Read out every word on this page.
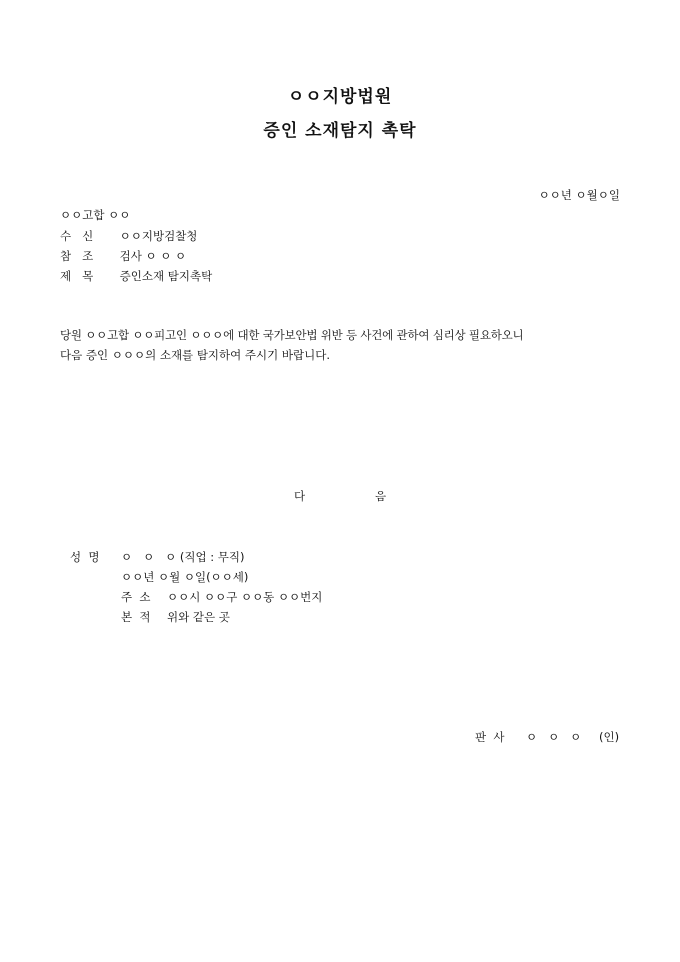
ㅇㅇ지방법원
증인 소재탐지 촉탁
ㅇㅇ년 ㅇ월ㅇ일
ㅇㅇ고합 ㅇㅇ
수   신 ㅇㅇ지방검찰청
참   조 검사 ㅇ ㅇ ㅇ
제   목 증인소재 탐지촉탁
당원 ㅇㅇ고합 ㅇㅇ피고인 ㅇㅇㅇ에 대한 국가보안법 위반 등 사건에 관하여 심리상 필요하오니
다음 증인 ㅇㅇㅇ의 소재를 탐지하여 주시기 바랍니다.
다	음
성  명 ㅇ   ㅇ   ㅇ (직업 : 무직)
ㅇㅇ년 ㅇ월 ㅇ일(ㅇㅇ세)
주  소 ㅇㅇ시 ㅇㅇ구 ㅇㅇ동 ㅇㅇ번지
본  적 위와 같은 곳
판  사 ㅇ   ㅇ   ㅇ (인)
